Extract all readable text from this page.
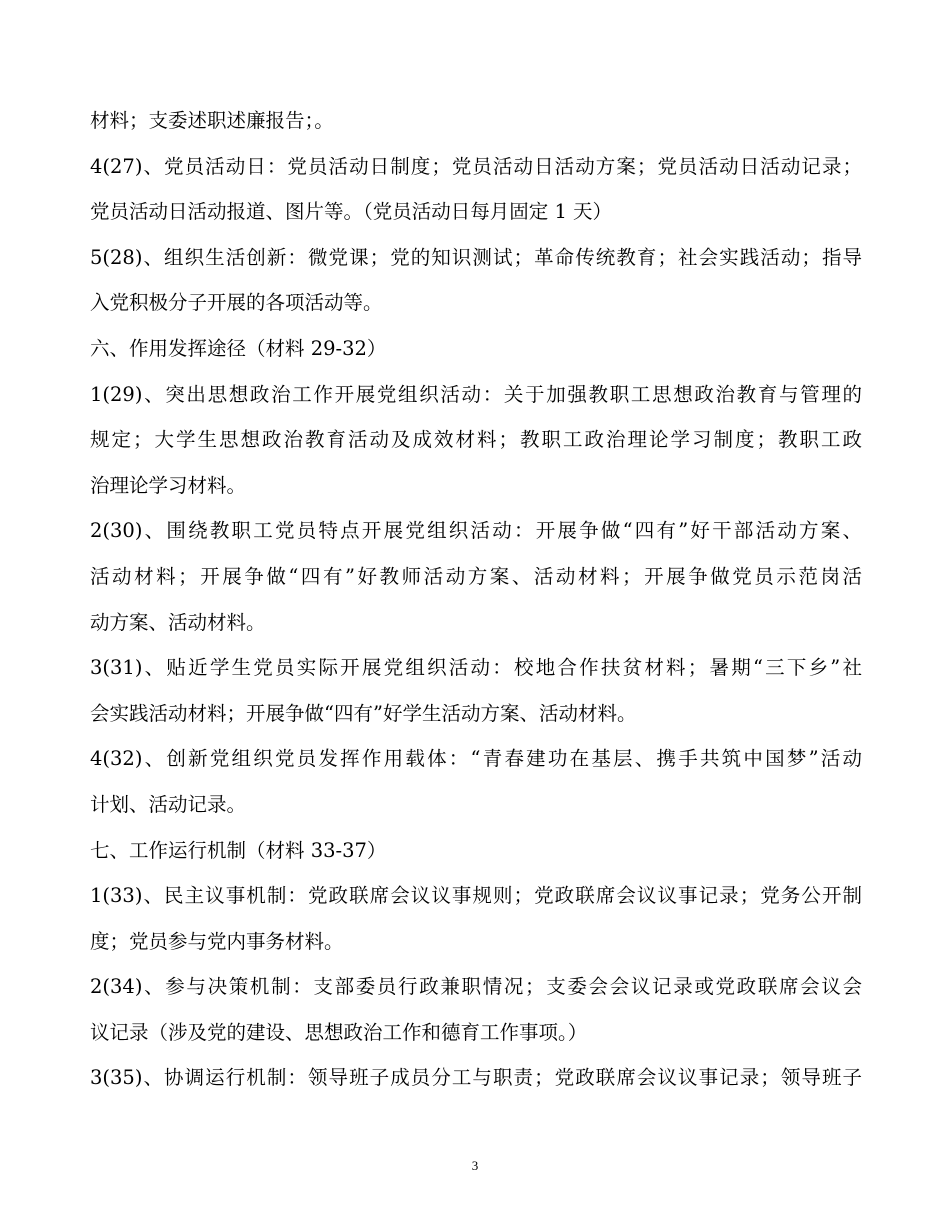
材料；支委述职述廉报告；。
4(27)、党员活动日：党员活动日制度；党员活动日活动方案；党员活动日活动记录；
党员活动日活动报道、图片等。（党员活动日每月固定 1 天）
5(28)、组织生活创新：微党课；党的知识测试；革命传统教育；社会实践活动；指导
入党积极分子开展的各项活动等。
六、作用发挥途径（材料 29-32）
1(29)、突出思想政治工作开展党组织活动：关于加强教职工思想政治教育与管理的
规定；大学生思想政治教育活动及成效材料；教职工政治理论学习制度；教职工政
治理论学习材料。
2(30)、围绕教职工党员特点开展党组织活动：开展争做“四有”好干部活动方案、
活动材料；开展争做“四有”好教师活动方案、活动材料；开展争做党员示范岗活
动方案、活动材料。
3(31)、贴近学生党员实际开展党组织活动：校地合作扶贫材料；暑期“三下乡”社
会实践活动材料；开展争做“四有”好学生活动方案、活动材料。
4(32)、创新党组织党员发挥作用载体：“青春建功在基层、携手共筑中国梦”活动
计划、活动记录。
七、工作运行机制（材料 33-37）
1(33)、民主议事机制：党政联席会议议事规则；党政联席会议议事记录；党务公开制
度；党员参与党内事务材料。
2(34)、参与决策机制：支部委员行政兼职情况；支委会会议记录或党政联席会议会
议记录（涉及党的建设、思想政治工作和德育工作事项。）
3(35)、协调运行机制：领导班子成员分工与职责；党政联席会议议事记录；领导班子
3
